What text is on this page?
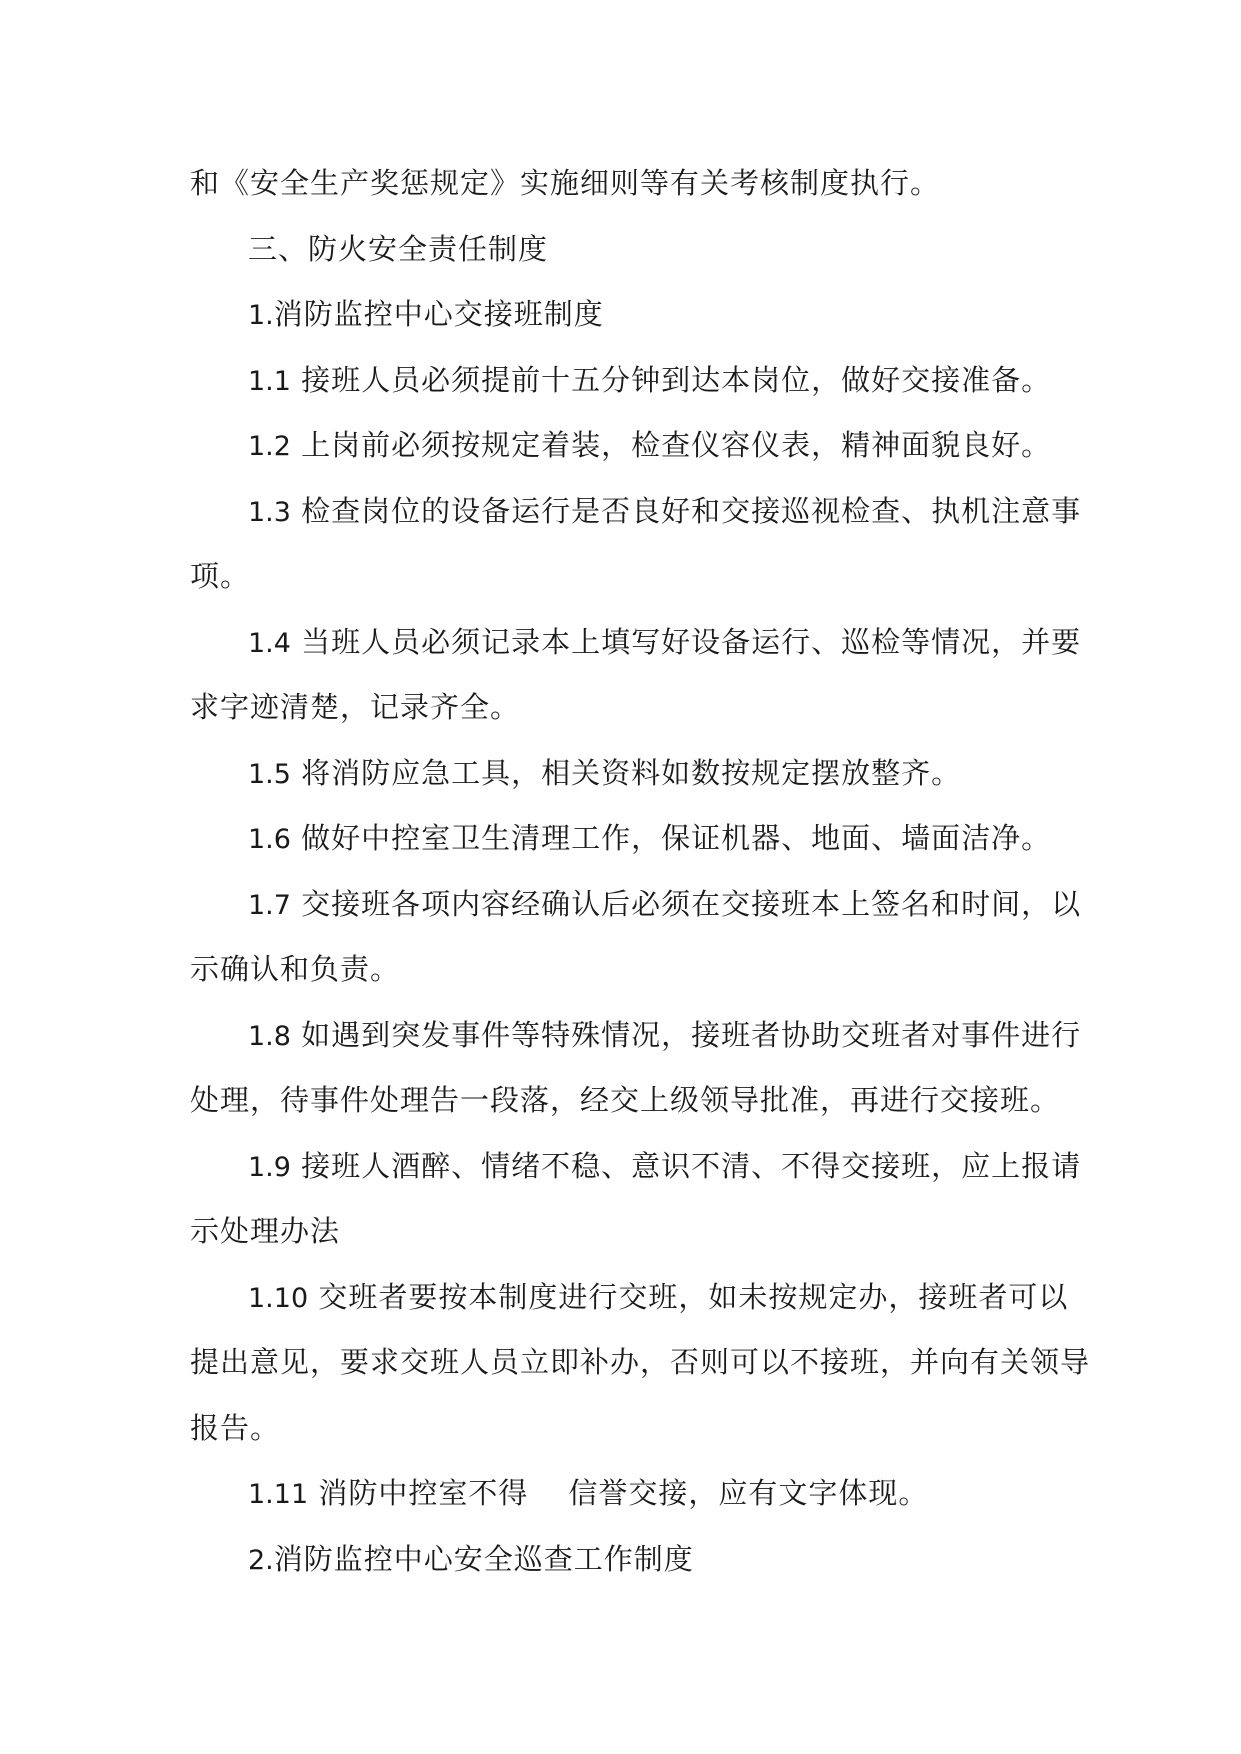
和《安全生产奖惩规定》实施细则等有关考核制度执行。
三、防火安全责任制度
1.消防监控中心交接班制度
1.1 接班人员必须提前十五分钟到达本岗位，做好交接准备。
1.2 上岗前必须按规定着装，检查仪容仪表，精神面貌良好。
1.3 检查岗位的设备运行是否良好和交接巡视检查、执机注意事
项。
1.4 当班人员必须记录本上填写好设备运行、巡检等情况，并要
求字迹清楚，记录齐全。
1.5 将消防应急工具，相关资料如数按规定摆放整齐。
1.6 做好中控室卫生清理工作，保证机器、地面、墙面洁净。
1.7 交接班各项内容经确认后必须在交接班本上签名和时间，以
示确认和负责。
1.8 如遇到突发事件等特殊情况，接班者协助交班者对事件进行
处理，待事件处理告一段落，经交上级领导批准，再进行交接班。
1.9 接班人酒醉、情绪不稳、意识不清、不得交接班，应上报请
示处理办法
1.10 交班者要按本制度进行交班，如未按规定办，接班者可以
提出意见，要求交班人员立即补办，否则可以不接班，并向有关领导
报告。
1.11 消防中控室不得 信誉交接，应有文字体现。
2.消防监控中心安全巡查工作制度
